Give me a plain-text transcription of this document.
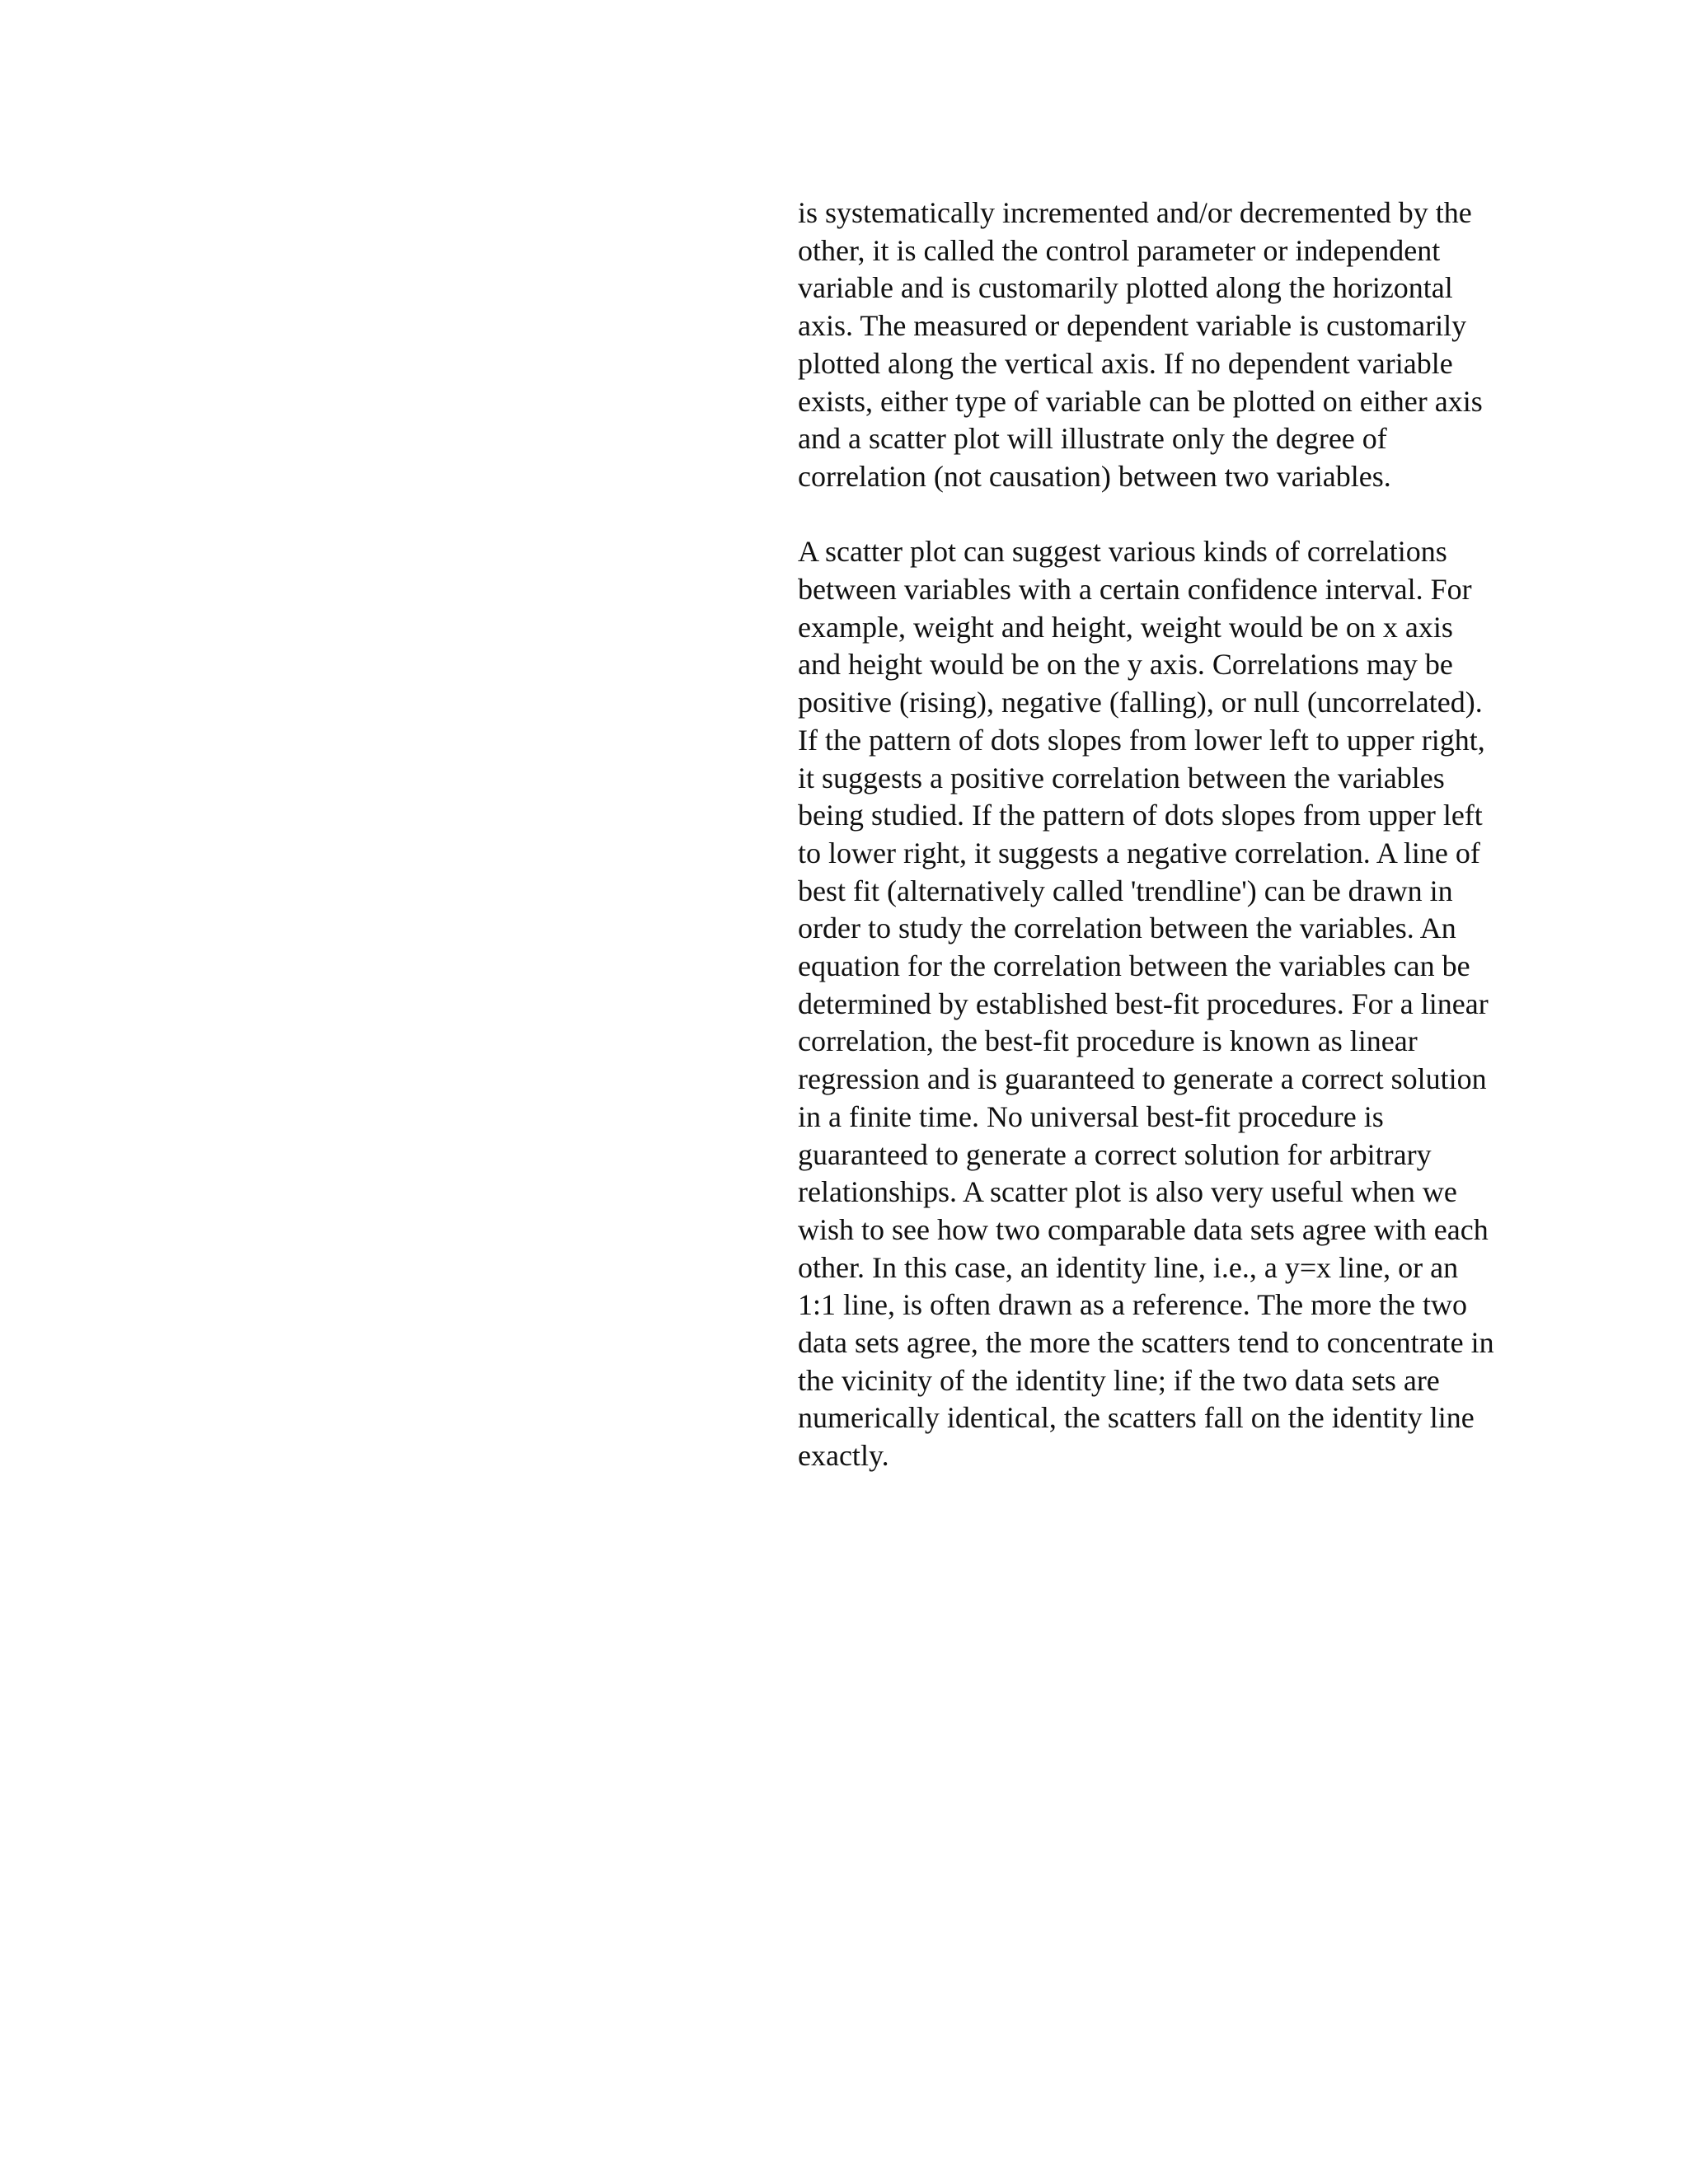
is systematically incremented and/or decremented by the
other, it is called the control parameter or independent
variable and is customarily plotted along the horizontal
axis. The measured or dependent variable is customarily
plotted along the vertical axis. If no dependent variable
exists, either type of variable can be plotted on either axis
and a scatter plot will illustrate only the degree of
correlation (not causation) between two variables.

A scatter plot can suggest various kinds of correlations
between variables with a certain confidence interval. For
example, weight and height, weight would be on x axis
and height would be on the y axis. Correlations may be
positive (rising), negative (falling), or null (uncorrelated).
If the pattern of dots slopes from lower left to upper right,
it suggests a positive correlation between the variables
being studied. If the pattern of dots slopes from upper left
to lower right, it suggests a negative correlation. A line of
best fit (alternatively called 'trendline') can be drawn in
order to study the correlation between the variables. An
equation for the correlation between the variables can be
determined by established best-fit procedures. For a linear
correlation, the best-fit procedure is known as linear
regression and is guaranteed to generate a correct solution
in a finite time. No universal best-fit procedure is
guaranteed to generate a correct solution for arbitrary
relationships. A scatter plot is also very useful when we
wish to see how two comparable data sets agree with each
other. In this case, an identity line, i.e., a y=x line, or an
1:1 line, is often drawn as a reference. The more the two
data sets agree, the more the scatters tend to concentrate in
the vicinity of the identity line; if the two data sets are
numerically identical, the scatters fall on the identity line
exactly.
